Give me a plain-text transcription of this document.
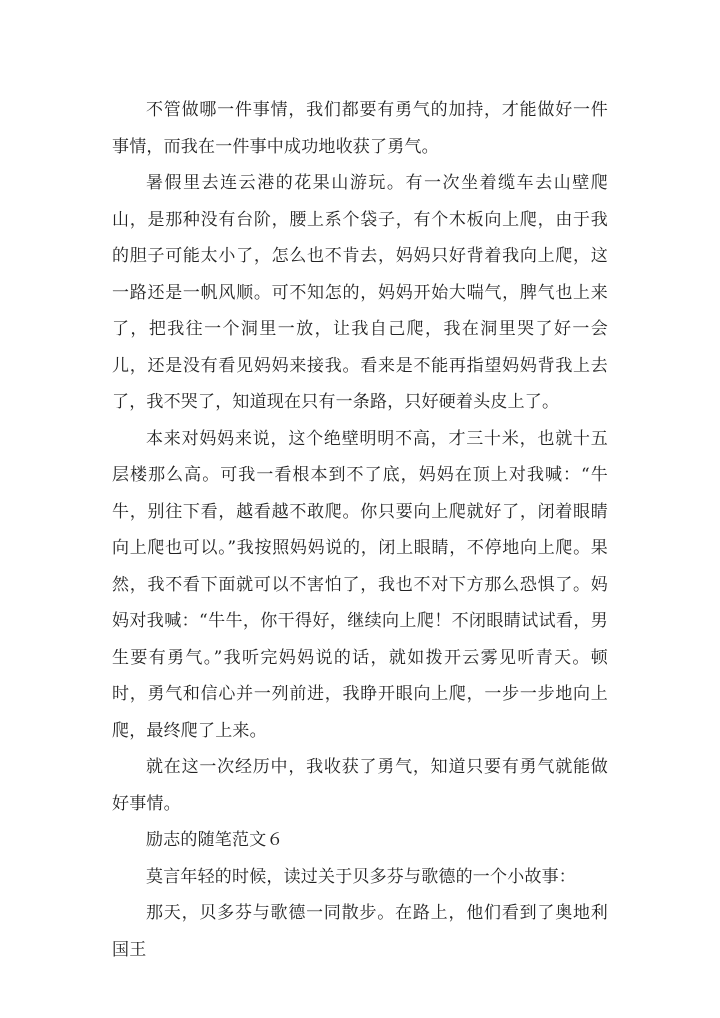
不管做哪一件事情，我们都要有勇气的加持，才能做好一件事情，而我在一件事中成功地收获了勇气。

暑假里去连云港的花果山游玩。有一次坐着缆车去山壁爬山，是那种没有台阶，腰上系个袋子，有个木板向上爬，由于我的胆子可能太小了，怎么也不肯去，妈妈只好背着我向上爬，这一路还是一帆风顺。可不知怎的，妈妈开始大喘气，脾气也上来了，把我往一个洞里一放，让我自己爬，我在洞里哭了好一会儿，还是没有看见妈妈来接我。看来是不能再指望妈妈背我上去了，我不哭了，知道现在只有一条路，只好硬着头皮上了。

本来对妈妈来说，这个绝壁明明不高，才三十米，也就十五层楼那么高。可我一看根本到不了底，妈妈在顶上对我喊：“牛牛，别往下看，越看越不敢爬。你只要向上爬就好了，闭着眼睛向上爬也可以。”我按照妈妈说的，闭上眼睛，不停地向上爬。果然，我不看下面就可以不害怕了，我也不对下方那么恐惧了。妈妈对我喊：“牛牛，你干得好，继续向上爬！不闭眼睛试试看，男生要有勇气。”我听完妈妈说的话，就如拨开云雾见听青天。顿时，勇气和信心并一列前进，我睁开眼向上爬，一步一步地向上爬，最终爬了上来。

就在这一次经历中，我收获了勇气，知道只要有勇气就能做好事情。

励志的随笔范文６

莫言年轻的时候，读过关于贝多芬与歌德的一个小故事：

那天，贝多芬与歌德一同散步。在路上，他们看到了奥地利国王
